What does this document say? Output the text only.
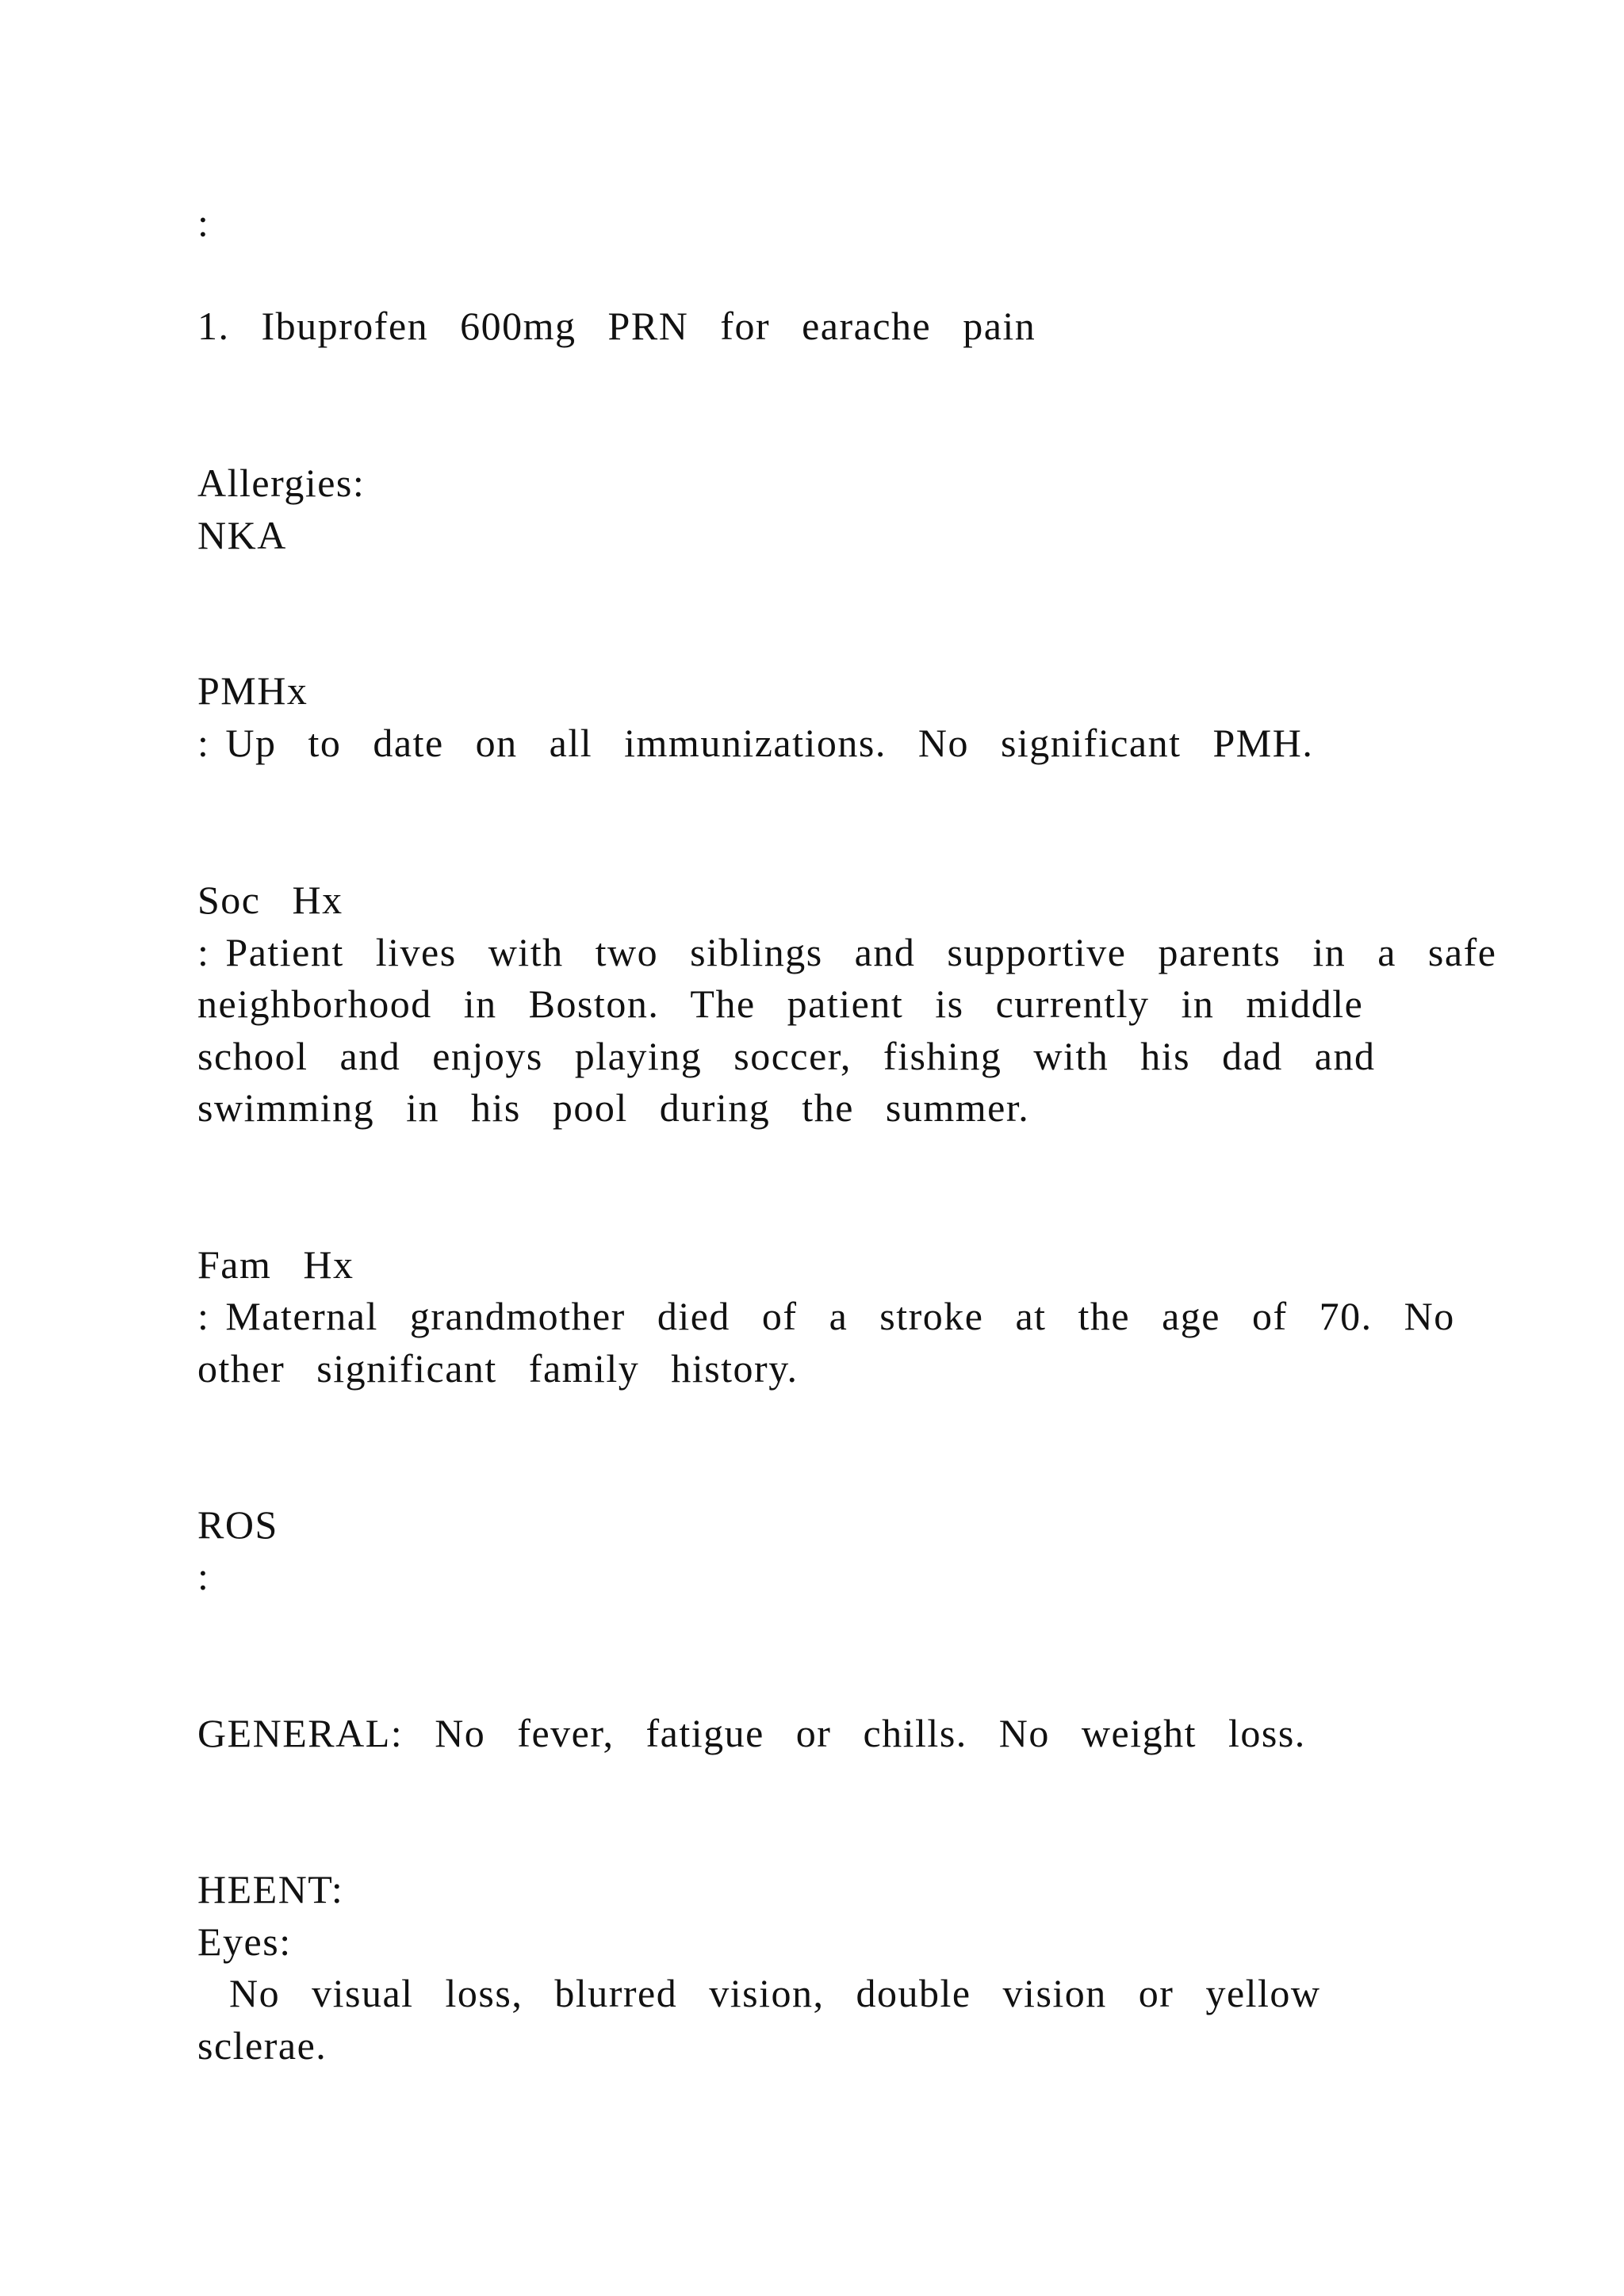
:

1.  Ibuprofen  600mg  PRN  for  earache  pain

Allergies:

NKA

PMHx

: Up  to  date  on  all  immunizations.  No  significant  PMH.

Soc  Hx

: Patient  lives  with  two  siblings  and  supportive  parents  in  a  safe

neighborhood  in  Boston.  The  patient  is  currently  in  middle

school  and  enjoys  playing  soccer,  fishing  with  his  dad  and

swimming  in  his  pool  during  the  summer.

Fam  Hx

: Maternal  grandmother  died  of  a  stroke  at  the  age  of  70.  No

other  significant  family  history.

ROS

:

GENERAL:  No  fever,  fatigue  or  chills.  No  weight  loss.

HEENT:

Eyes:

No  visual  loss,  blurred  vision,  double  vision  or  yellow

sclerae.
